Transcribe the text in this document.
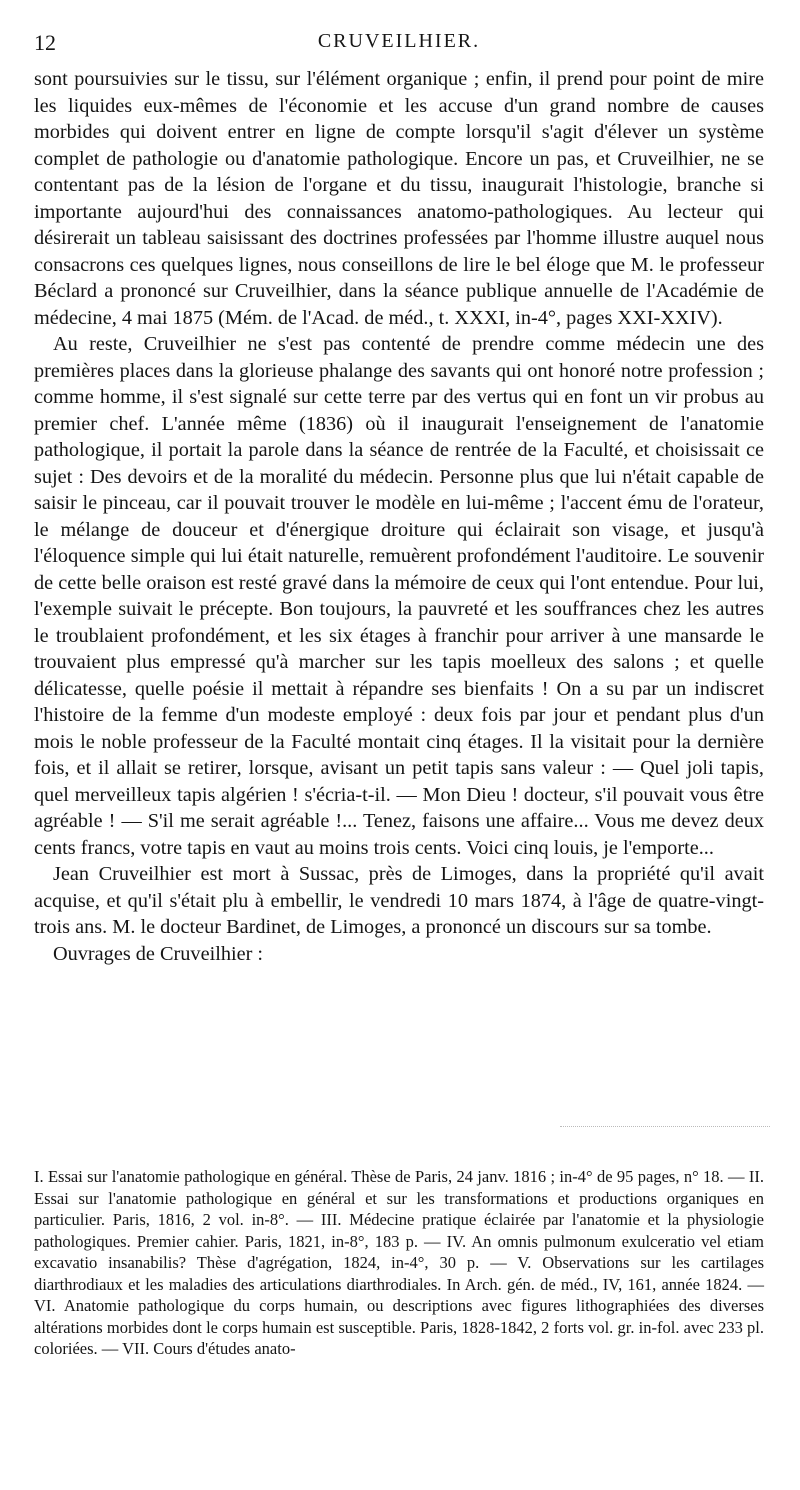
12	CRUVEILHIER.

sont poursuivies sur le tissu, sur l'élément organique ; enfin, il prend pour point de mire les liquides eux-mêmes de l'économie et les accuse d'un grand nombre de causes morbides qui doivent entrer en ligne de compte lorsqu'il s'agit d'élever un système complet de pathologie ou d'anatomie pathologique. Encore un pas, et Cruveilhier, ne se contentant pas de la lésion de l'organe et du tissu, inaugurait l'histologie, branche si importante aujourd'hui des connaissances anatomo-pathologiques. Au lecteur qui désirerait un tableau saisissant des doctrines professées par l'homme illustre auquel nous consacrons ces quelques lignes, nous conseillons de lire le bel éloge que M. le professeur Béclard a prononcé sur Cruveilhier, dans la séance publique annuelle de l'Académie de médecine, 4 mai 1875 (Mém. de l'Acad. de méd., t. XXXI, in-4°, pages XXI-XXIV).

Au reste, Cruveilhier ne s'est pas contenté de prendre comme médecin une des premières places dans la glorieuse phalange des savants qui ont honoré notre profession ; comme homme, il s'est signalé sur cette terre par des vertus qui en font un vir probus au premier chef. L'année même (1836) où il inaugurait l'enseignement de l'anatomie pathologique, il portait la parole dans la séance de rentrée de la Faculté, et choisissait ce sujet : Des devoirs et de la moralité du médecin. Personne plus que lui n'était capable de saisir le pinceau, car il pouvait trouver le modèle en lui-même ; l'accent ému de l'orateur, le mélange de douceur et d'énergique droiture qui éclairait son visage, et jusqu'à l'éloquence simple qui lui était naturelle, remuèrent profondément l'auditoire. Le souvenir de cette belle oraison est resté gravé dans la mémoire de ceux qui l'ont entendue. Pour lui, l'exemple suivait le précepte. Bon toujours, la pauvreté et les souffrances chez les autres le troublaient profondément, et les six étages à franchir pour arriver à une mansarde le trouvaient plus empressé qu'à marcher sur les tapis moelleux des salons ; et quelle délicatesse, quelle poésie il mettait à répandre ses bienfaits ! On a su par un indiscret l'histoire de la femme d'un modeste employé : deux fois par jour et pendant plus d'un mois le noble professeur de la Faculté montait cinq étages. Il la visitait pour la dernière fois, et il allait se retirer, lorsque, avisant un petit tapis sans valeur : — Quel joli tapis, quel merveilleux tapis algérien ! s'écria-t-il. — Mon Dieu ! docteur, s'il pouvait vous être agréable ! — S'il me serait agréable !... Tenez, faisons une affaire... Vous me devez deux cents francs, votre tapis en vaut au moins trois cents. Voici cinq louis, je l'emporte...

Jean Cruveilhier est mort à Sussac, près de Limoges, dans la propriété qu'il avait acquise, et qu'il s'était plu à embellir, le vendredi 10 mars 1874, à l'âge de quatre-vingt-trois ans. M. le docteur Bardinet, de Limoges, a prononcé un discours sur sa tombe.

Ouvrages de Cruveilhier :

I. Essai sur l'anatomie pathologique en général. Thèse de Paris, 24 janv. 1816 ; in-4° de 95 pages, n° 18. — II. Essai sur l'anatomie pathologique en général et sur les transformations et productions organiques en particulier. Paris, 1816, 2 vol. in-8°. — III. Médecine pratique éclairée par l'anatomie et la physiologie pathologiques. Premier cahier. Paris, 1821, in-8°, 183 p. — IV. An omnis pulmonum exulceratio vel etiam excavatio insanabilis? Thèse d'agrégation, 1824, in-4°, 30 p. — V. Observations sur les cartilages diarthrodiaux et les maladies des articulations diarthrodiales. In Arch. gén. de méd., IV, 161, année 1824. — VI. Anatomie pathologique du corps humain, ou descriptions avec figures lithographiées des diverses altérations morbides dont le corps humain est susceptible. Paris, 1828-1842, 2 forts vol. gr. in-fol. avec 233 pl. coloriées. — VII. Cours d'études anato-
